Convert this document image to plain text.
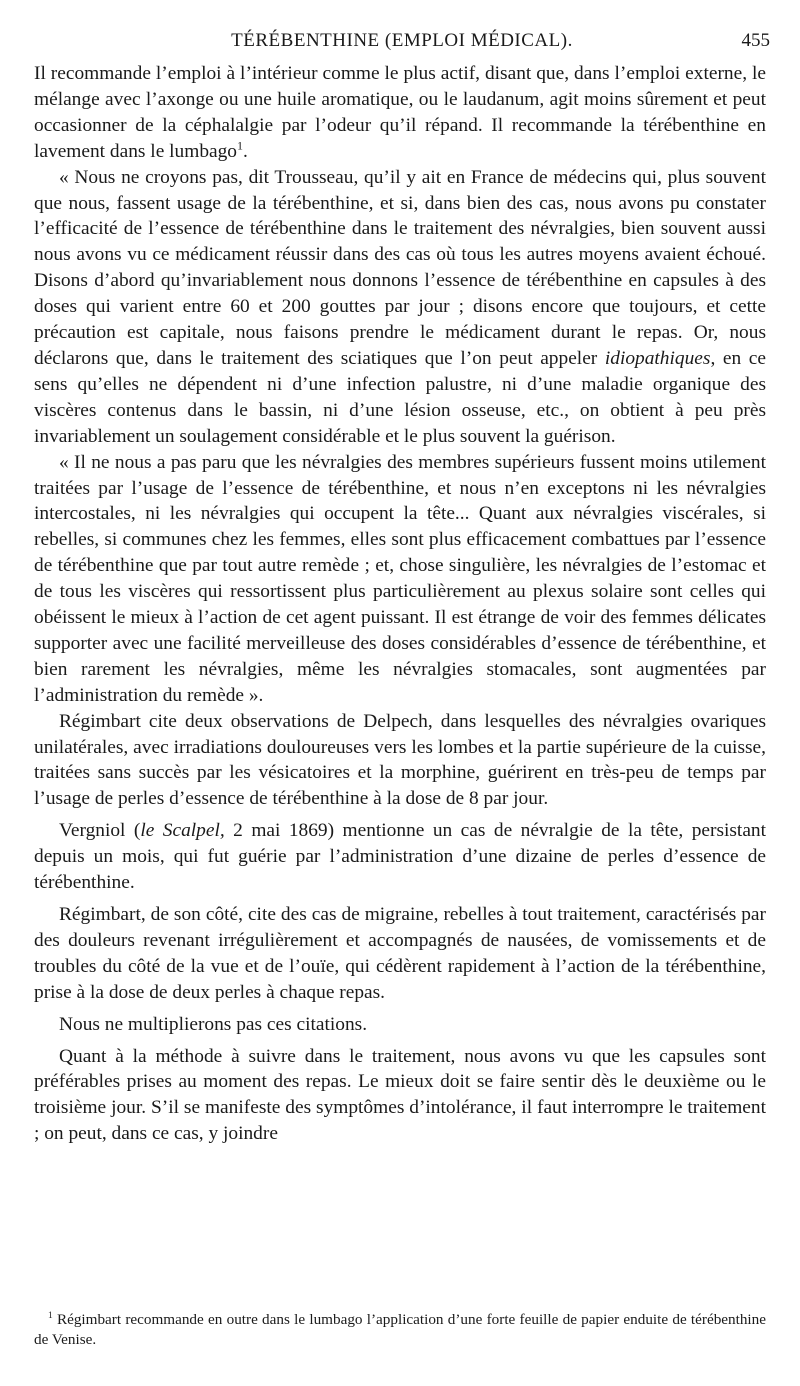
TÉRÉBENTHINE (EMPLOI MÉDICAL).	455

Il recommande l’emploi à l’intérieur comme le plus actif, disant que, dans l’emploi externe, le mélange avec l’axonge ou une huile aromatique, ou le laudanum, agit moins sûrement et peut occasionner de la céphalalgie par l’odeur qu’il répand. Il recommande la térébenthine en lavement dans le lumbago$^1$.

« Nous ne croyons pas, dit Trousseau, qu’il y ait en France de médecins qui, plus souvent que nous, fassent usage de la térébenthine, et si, dans bien des cas, nous avons pu constater l’efficacité de l’essence de térébenthine dans le traitement des névralgies, bien souvent aussi nous avons vu ce médicament réussir dans des cas où tous les autres moyens avaient échoué. Disons d’abord qu’invariablement nous donnons l’essence de térébenthine en capsules à des doses qui varient entre 60 et 200 gouttes par jour ; disons encore que toujours, et cette précaution est capitale, nous faisons prendre le médicament durant le repas. Or, nous déclarons que, dans le traitement des sciatiques que l’on peut appeler idiopathiques, en ce sens qu’elles ne dépendent ni d’une infection palustre, ni d’une maladie organique des viscères contenus dans le bassin, ni d’une lésion osseuse, etc., on obtient à peu près invariablement un soulagement considérable et le plus souvent la guérison.

« Il ne nous a pas paru que les névralgies des membres supérieurs fussent moins utilement traitées par l’usage de l’essence de térébenthine, et nous n’en exceptons ni les névralgies intercostales, ni les névralgies qui occupent la tête... Quant aux névralgies viscérales, si rebelles, si communes chez les femmes, elles sont plus efficacement combattues par l’essence de térébenthine que par tout autre remède ; et, chose singulière, les névralgies de l’estomac et de tous les viscères qui ressortissent plus particulièrement au plexus solaire sont celles qui obéissent le mieux à l’action de cet agent puissant. Il est étrange de voir des femmes délicates supporter avec une facilité merveilleuse des doses considérables d’essence de térébenthine, et bien rarement les névralgies, même les névralgies stomacales, sont augmentées par l’administration du remède ».

Régimbart cite deux observations de Delpech, dans lesquelles des névralgies ovariques unilatérales, avec irradiations douloureuses vers les lombes et la partie supérieure de la cuisse, traitées sans succès par les vésicatoires et la morphine, guérirent en très-peu de temps par l’usage de perles d’essence de térébenthine à la dose de 8 par jour.

Vergniol (le Scalpel, 2 mai 1869) mentionne un cas de névralgie de la tête, persistant depuis un mois, qui fut guérie par l’administration d’une dizaine de perles d’essence de térébenthine.

Régimbart, de son côté, cite des cas de migraine, rebelles à tout traitement, caractérisés par des douleurs revenant irrégulièrement et accompagnés de nausées, de vomissements et de troubles du côté de la vue et de l’ouïe, qui cédèrent rapidement à l’action de la térébenthine, prise à la dose de deux perles à chaque repas.

Nous ne multiplierons pas ces citations.

Quant à la méthode à suivre dans le traitement, nous avons vu que les capsules sont préférables prises au moment des repas. Le mieux doit se faire sentir dès le deuxième ou le troisième jour. S’il se manifeste des symptômes d’intolérance, il faut interrompre le traitement ; on peut, dans ce cas, y joindre

$^1$ Régimbart recommande en outre dans le lumbago l’application d’une forte feuille de papier enduite de térébenthine de Venise.
